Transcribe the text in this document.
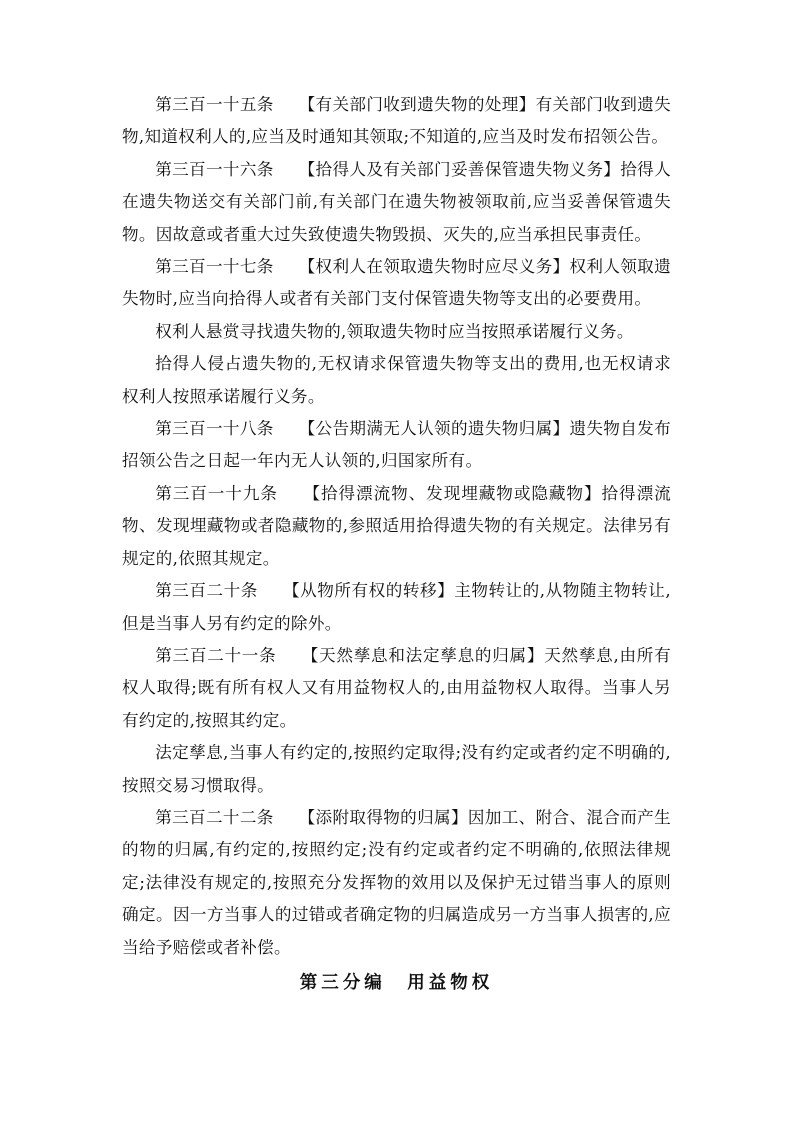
第三百一十五条 【有关部门收到遗失物的处理】有关部门收到遗失物,知道权利人的,应当及时通知其领取;不知道的,应当及时发布招领公告。

第三百一十六条 【拾得人及有关部门妥善保管遗失物义务】拾得人在遗失物送交有关部门前,有关部门在遗失物被领取前,应当妥善保管遗失物。因故意或者重大过失致使遗失物毁损、灭失的,应当承担民事责任。

第三百一十七条 【权利人在领取遗失物时应尽义务】权利人领取遗失物时,应当向拾得人或者有关部门支付保管遗失物等支出的必要费用。

权利人悬赏寻找遗失物的,领取遗失物时应当按照承诺履行义务。

拾得人侵占遗失物的,无权请求保管遗失物等支出的费用,也无权请求权利人按照承诺履行义务。

第三百一十八条 【公告期满无人认领的遗失物归属】遗失物自发布招领公告之日起一年内无人认领的,归国家所有。

第三百一十九条 【拾得漂流物、发现埋藏物或隐藏物】拾得漂流物、发现埋藏物或者隐藏物的,参照适用拾得遗失物的有关规定。法律另有规定的,依照其规定。

第三百二十条 【从物所有权的转移】主物转让的,从物随主物转让,但是当事人另有约定的除外。

第三百二十一条 【天然孳息和法定孳息的归属】天然孳息,由所有权人取得;既有所有权人又有用益物权人的,由用益物权人取得。当事人另有约定的,按照其约定。

法定孳息,当事人有约定的,按照约定取得;没有约定或者约定不明确的,按照交易习惯取得。

第三百二十二条 【添附取得物的归属】因加工、附合、混合而产生的物的归属,有约定的,按照约定;没有约定或者约定不明确的,依照法律规定;法律没有规定的,按照充分发挥物的效用以及保护无过错当事人的原则确定。因一方当事人的过错或者确定物的归属造成另一方当事人损害的,应当给予赔偿或者补偿。

第三分编　用益物权
